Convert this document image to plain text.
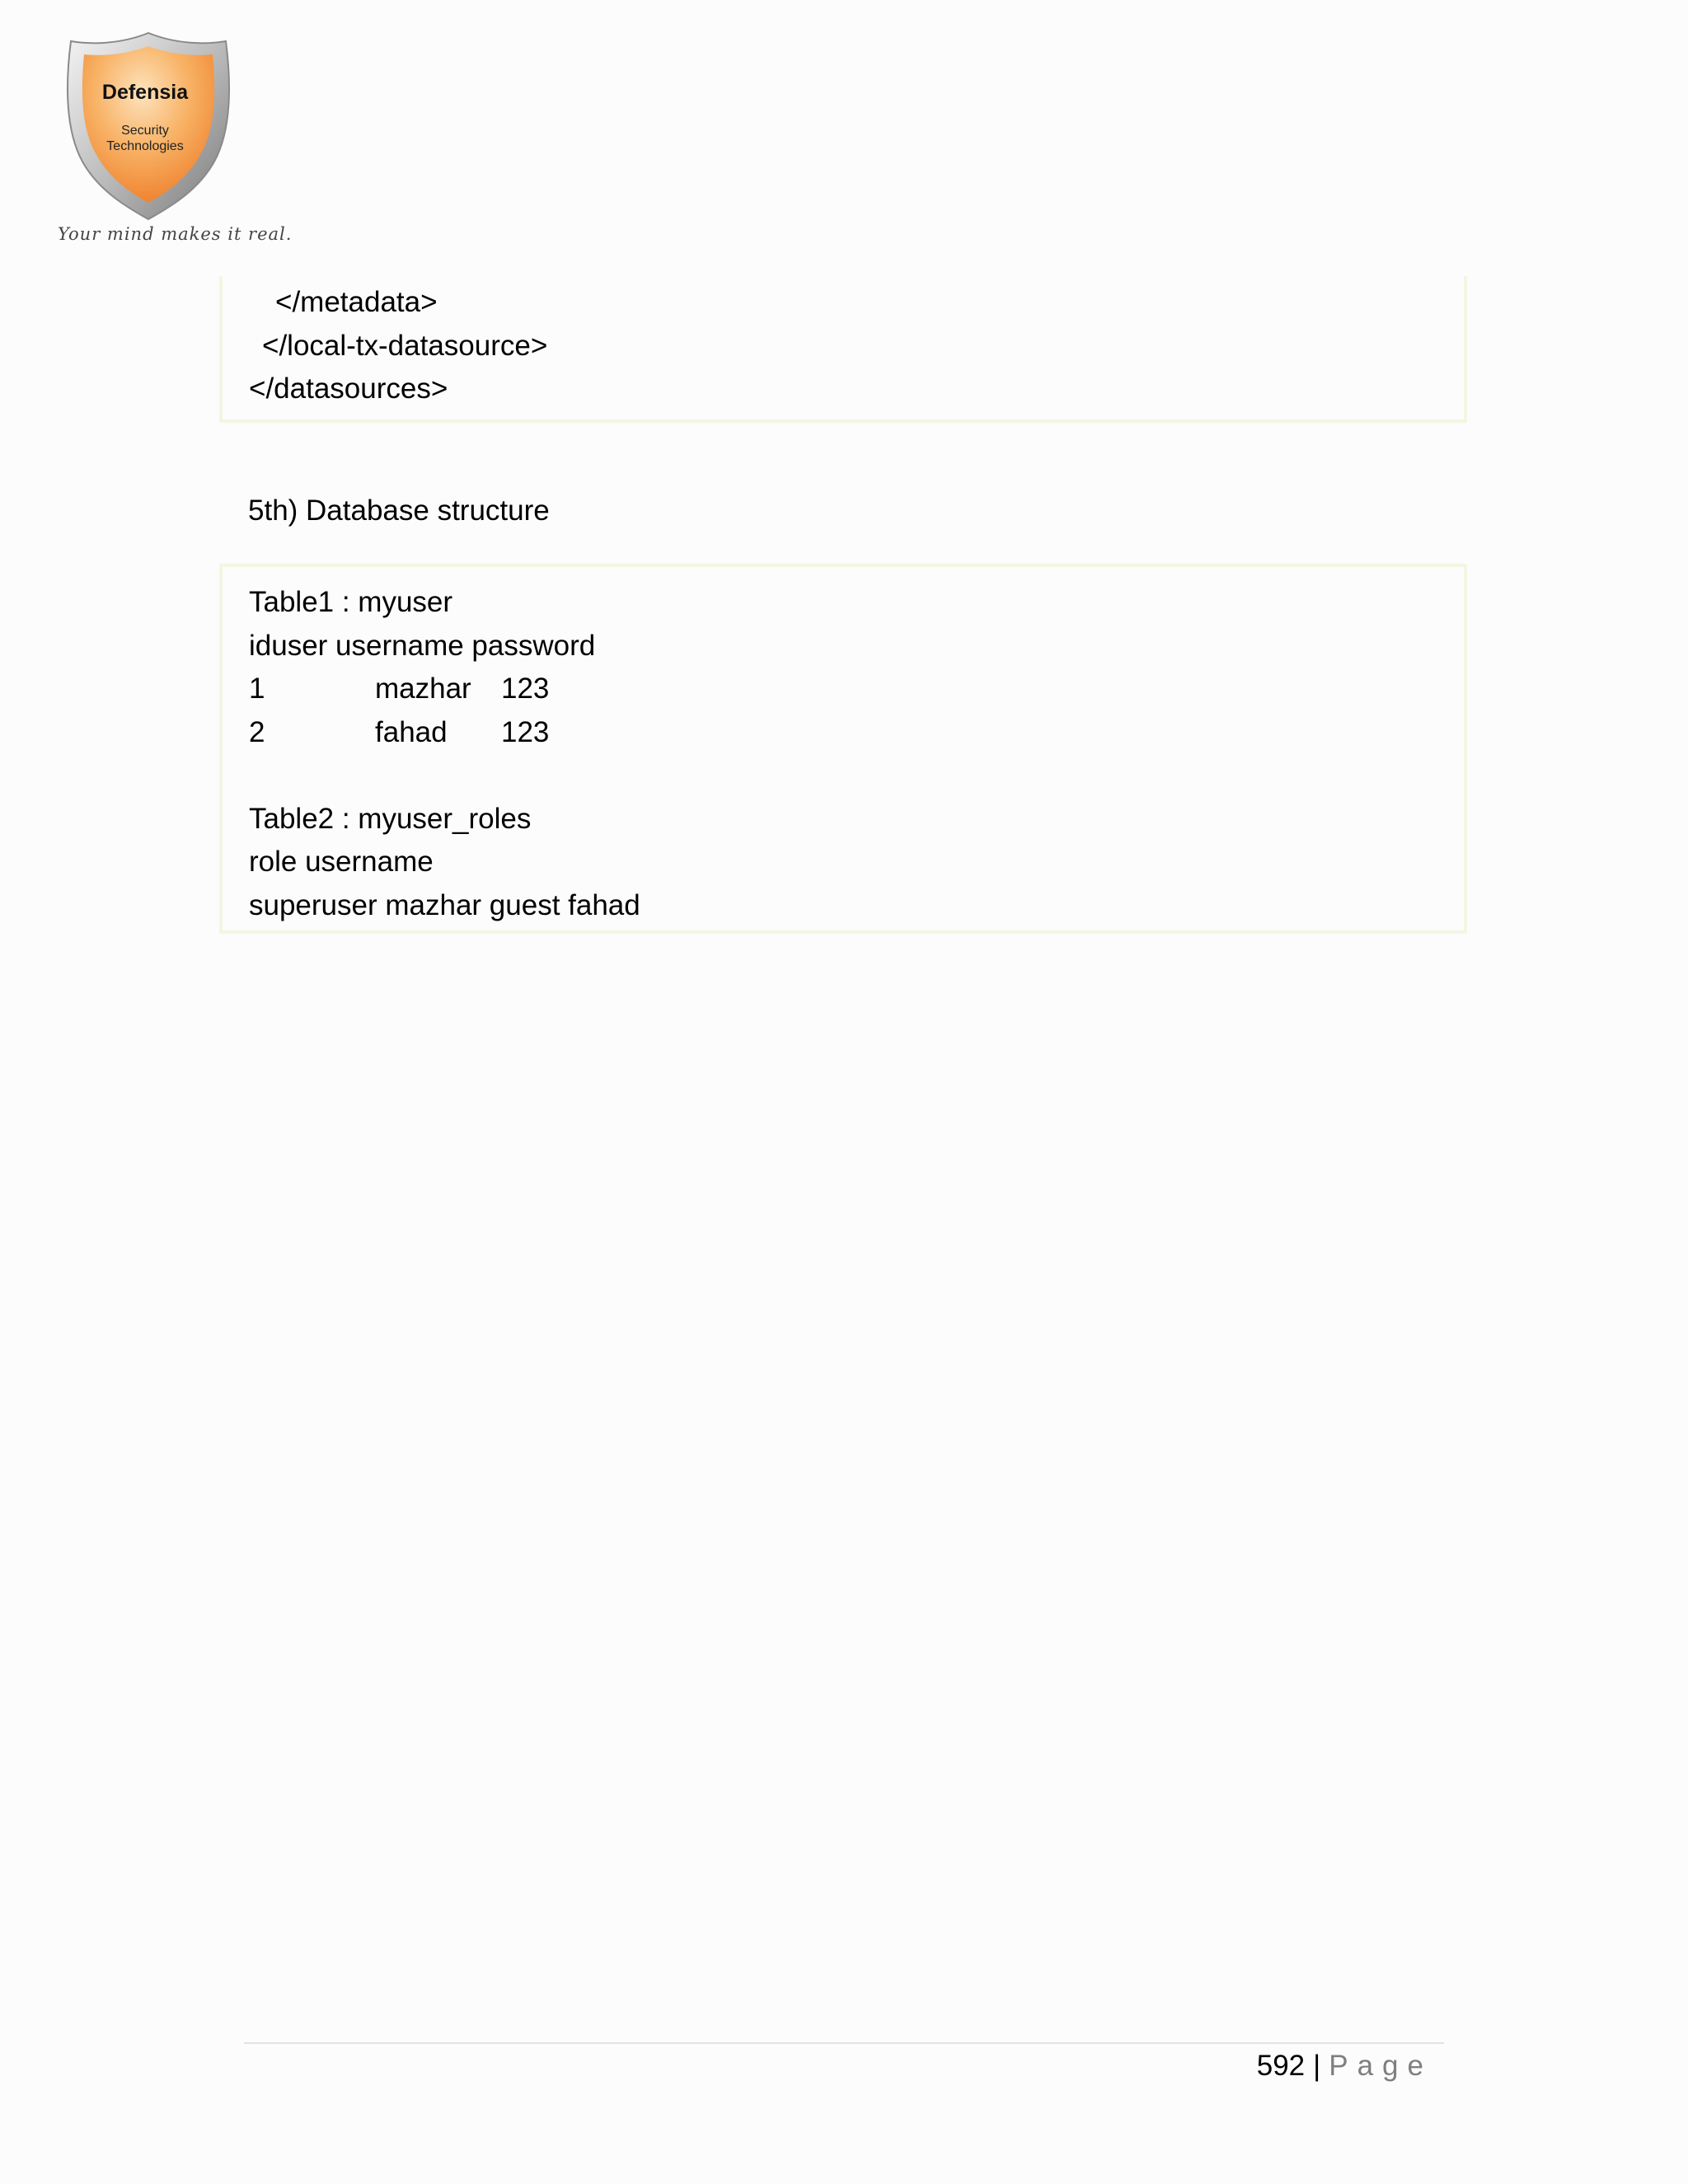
Defensia
Security
Technologies
Your mind makes it real.
</metadata>
</local-tx-datasource>
</datasources>
5th) Database structure
Table1 : myuser
iduser username password
1	mazhar	123
2	fahad	123
Table2 : myuser_roles
role username
superuser mazhar guest fahad
592 | Page
